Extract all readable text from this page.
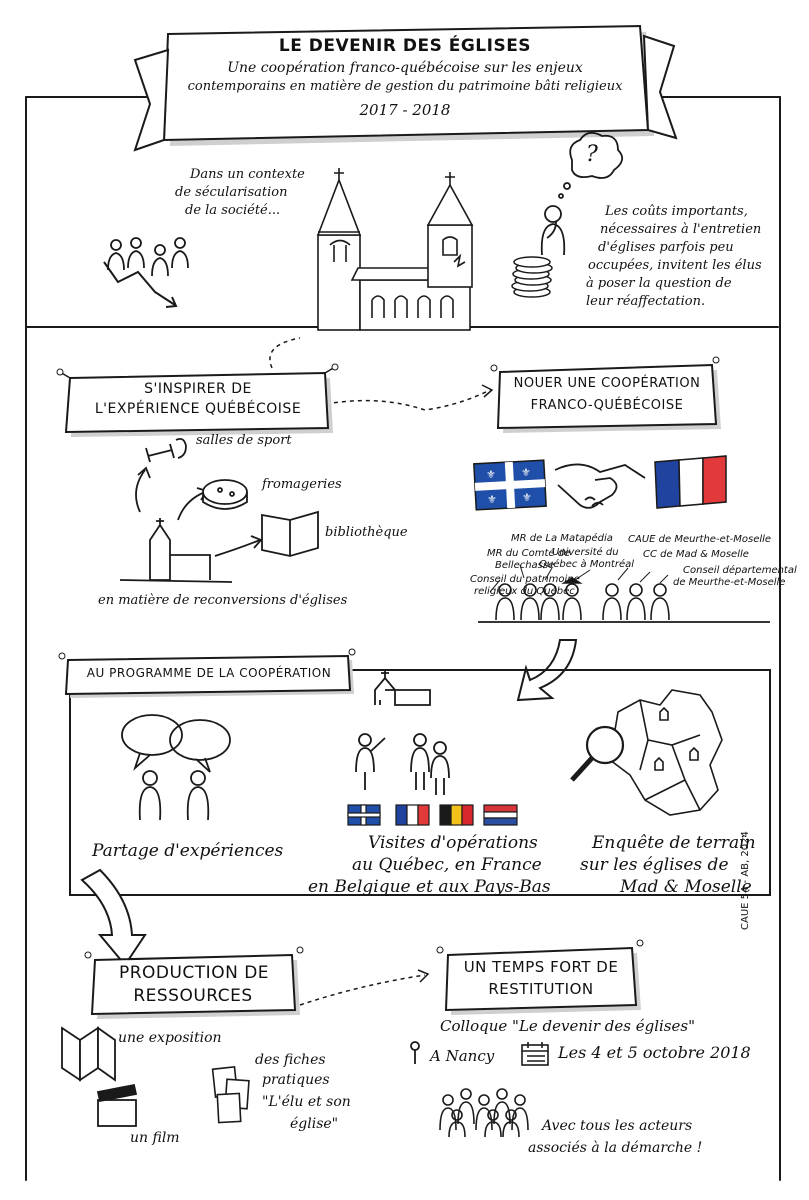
⚜ ⚜
⚜ ⚜
LE DEVENIR DES ÉGLISES
Une coopération franco-québécoise sur les enjeux
contemporains en matière de gestion du patrimoine bâti religieux
2017 - 2018
Dans un contexte
de sécularisation
de la société...
?
Les coûts importants,
nécessaires à l'entretien
d'églises parfois peu
occupées, invitent les élus
à poser la question de
leur réaffectation.
S'INSPIRER DE
L'EXPÉRIENCE QUÉBÉCOISE
salles de sport
fromageries
bibliothèque
en matière de reconversions d'églises
NOUER UNE COOPÉRATION
FRANCO-QUÉBÉCOISE
Conseil du patrimoine
religieux du Québec
MR du Comté de
Bellechasse
MR de La Matapédia
Université du
Québec à Montréal
CAUE de Meurthe-et-Moselle
CC de Mad & Moselle
Conseil départemental
de Meurthe-et-Moselle
AU PROGRAMME DE LA COOPÉRATION
Partage d'expériences	Visites d'opérations
au Québec, en France
en Belgique et aux Pays-Bas
Enquête de terrain
sur les églises de
Mad & Moselle
PRODUCTION DE
RESSOURCES
une exposition
des fiches
pratiques
"L'élu et son
église"
un film
UN TEMPS FORT DE
RESTITUTION
Colloque "Le devenir des églises"
A Nancy	Les 4 et 5 octobre 2018
Avec tous les acteurs
associés à la démarche !
CAUE 54 - AB, 2024
